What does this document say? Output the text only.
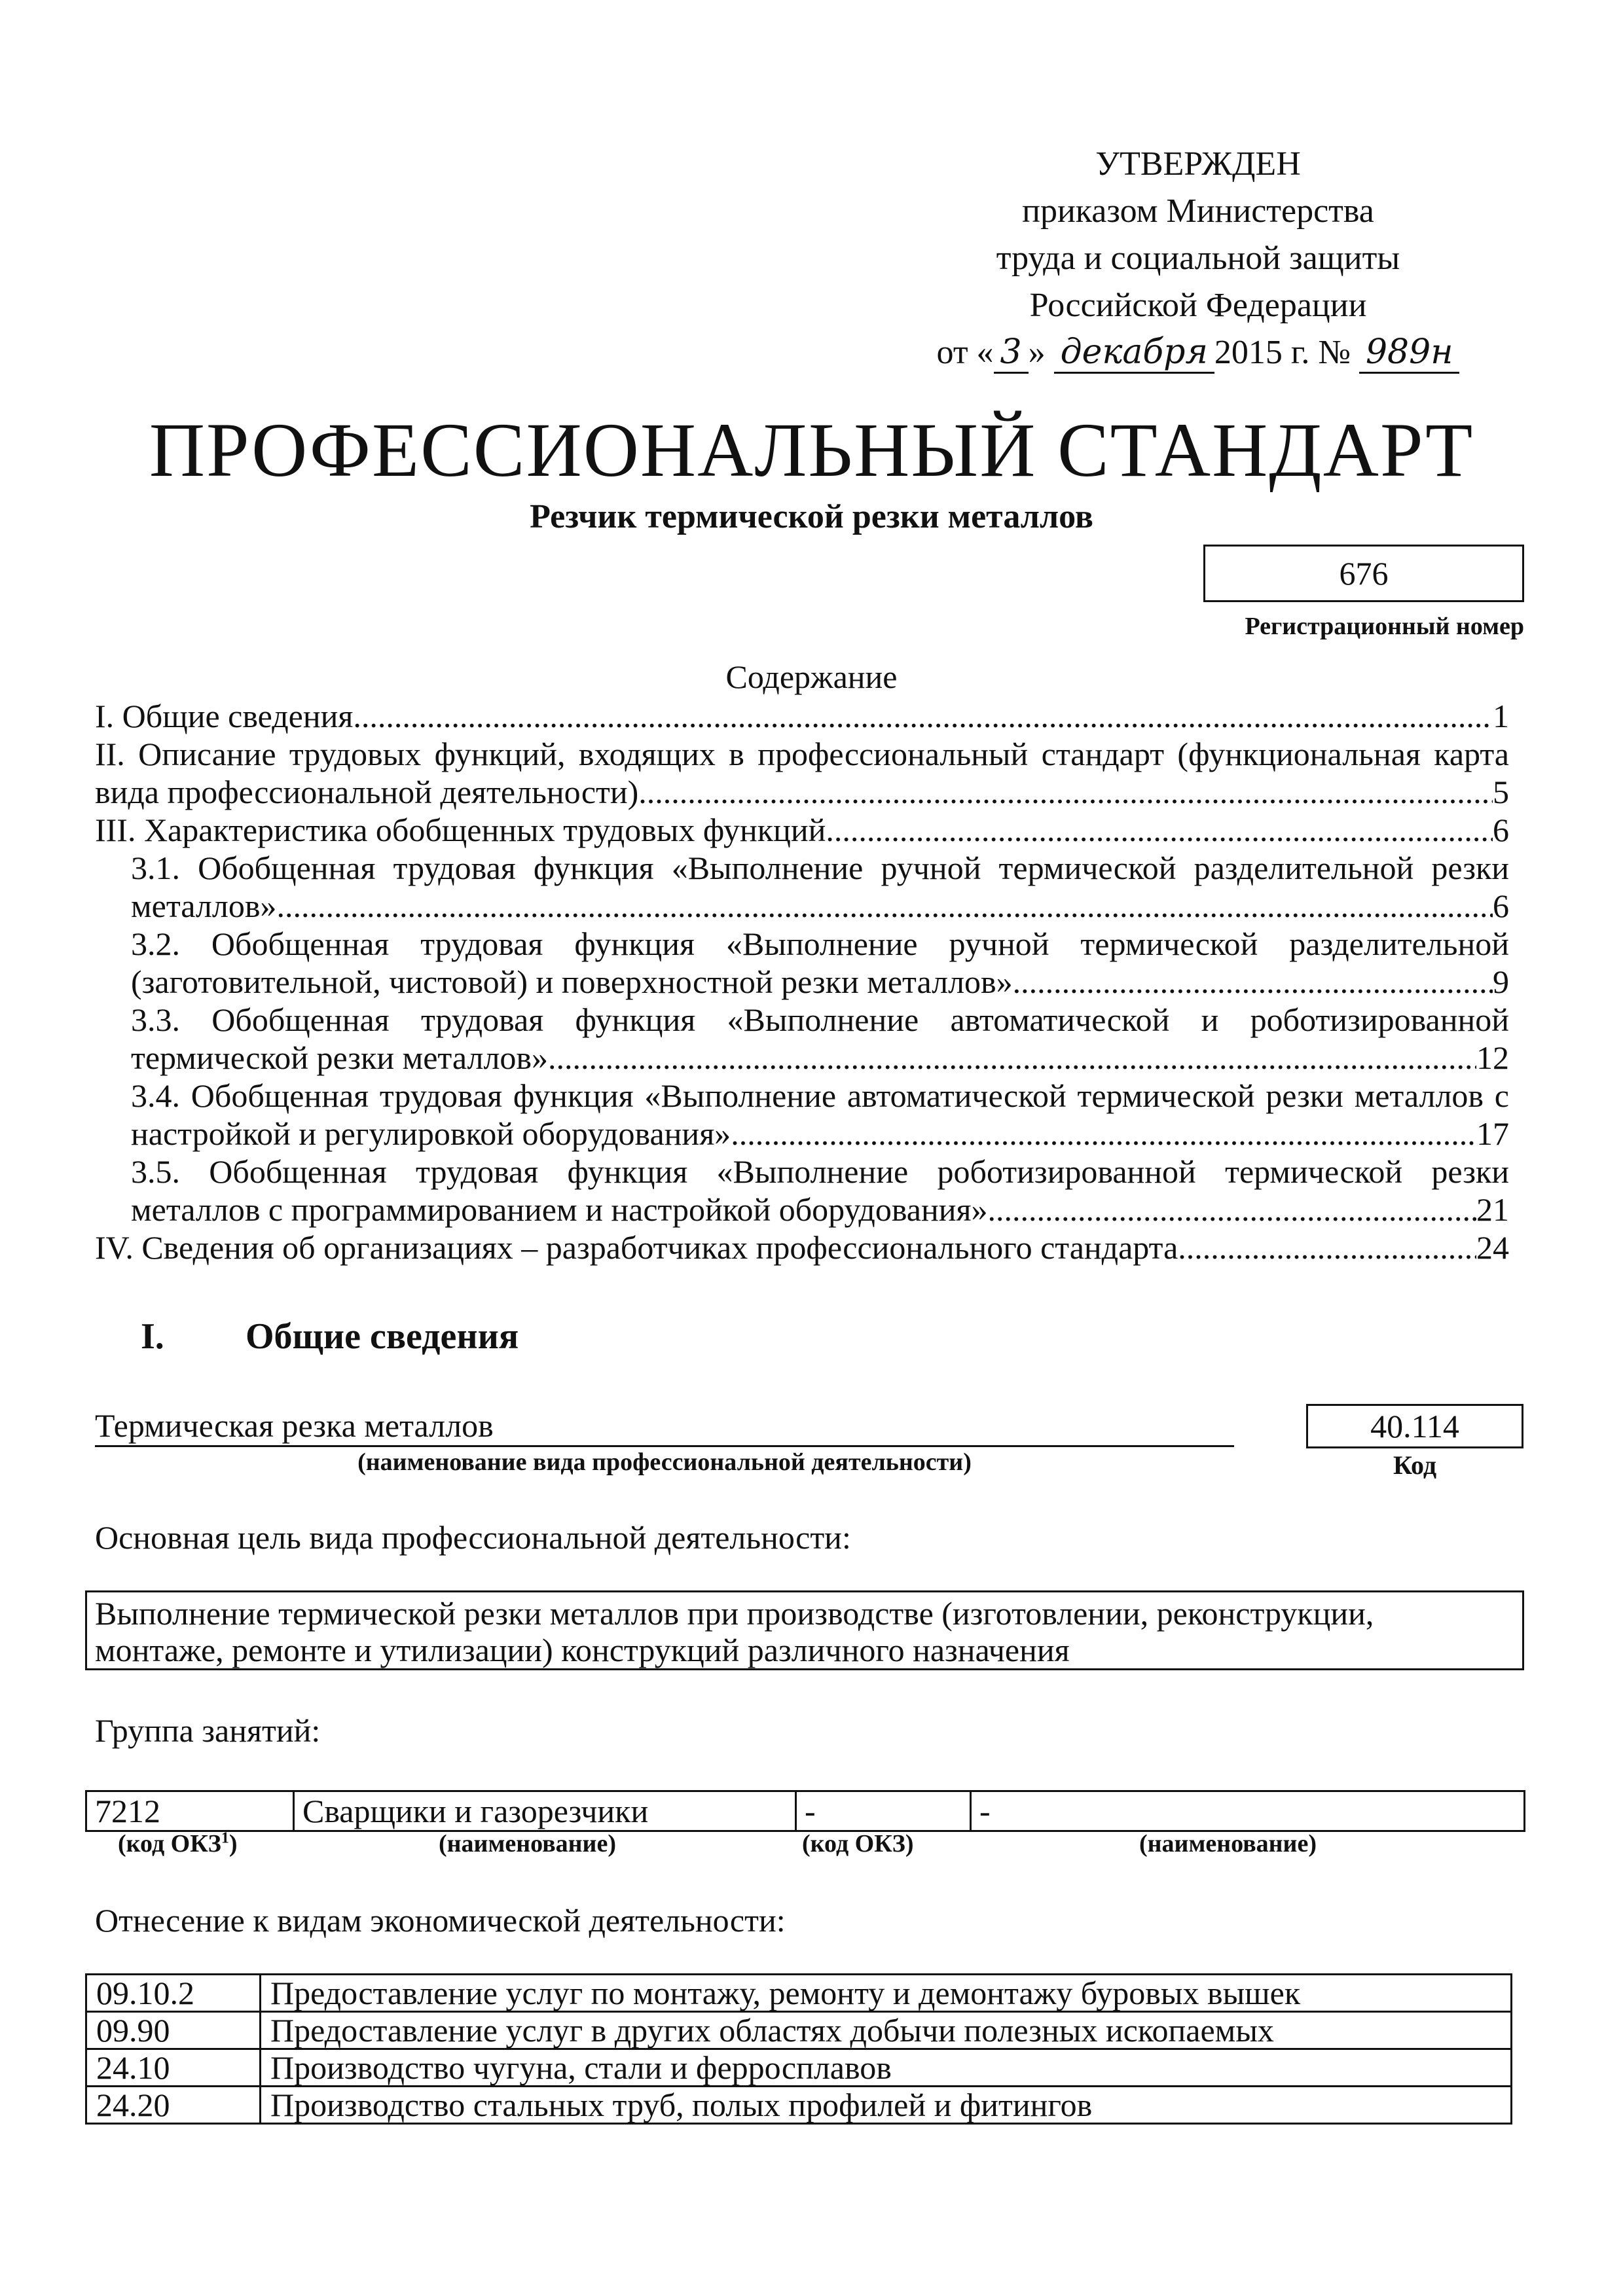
УТВЕРЖДЕН
приказом Министерства
труда и социальной защиты
Российской Федерации
от « 3 » декабря 2015 г. № 989н
ПРОФЕССИОНАЛЬНЫЙ СТАНДАРТ
Резчик термической резки металлов
676
Регистрационный номер
Содержание
I. Общие сведения .....	1
II. Описание трудовых функций, входящих в профессиональный стандарт (функциональная карта
вида профессиональной деятельности) .....	5
III. Характеристика обобщенных трудовых функций .....	6
3.1. Обобщенная трудовая функция «Выполнение ручной термической разделительной резки
металлов» .....	6
3.2. Обобщенная трудовая функция «Выполнение ручной термической разделительной
(заготовительной, чистовой) и поверхностной резки металлов» .....	9
3.3. Обобщенная трудовая функция «Выполнение автоматической и роботизированной
термической резки металлов» .....	12
3.4. Обобщенная трудовая функция «Выполнение автоматической термической резки металлов с
настройкой и регулировкой оборудования» .....	17
3.5. Обобщенная трудовая функция «Выполнение роботизированной термической резки
металлов с программированием и настройкой оборудования» .....	21
IV. Сведения об организациях – разработчиках профессионального стандарта .....	24
I. Общие сведения
Термическая резка металлов
(наименование вида профессиональной деятельности)
40.114
Код
Основная цель вида профессиональной деятельности:
Выполнение термической резки металлов при производстве (изготовлении, реконструкции,
монтаже, ремонте и утилизации) конструкций различного назначения
Группа занятий:
7212	Сварщики и газорезчики	-	-
(код ОКЗ$^1$)	(наименование)	(код ОКЗ)	(наименование)
Отнесение к видам экономической деятельности:
09.10.2	Предоставление услуг по монтажу, ремонту и демонтажу буровых вышек
09.90	Предоставление услуг в других областях добычи полезных ископаемых
24.10	Производство чугуна, стали и ферросплавов
24.20	Производство стальных труб, полых профилей и фитингов
